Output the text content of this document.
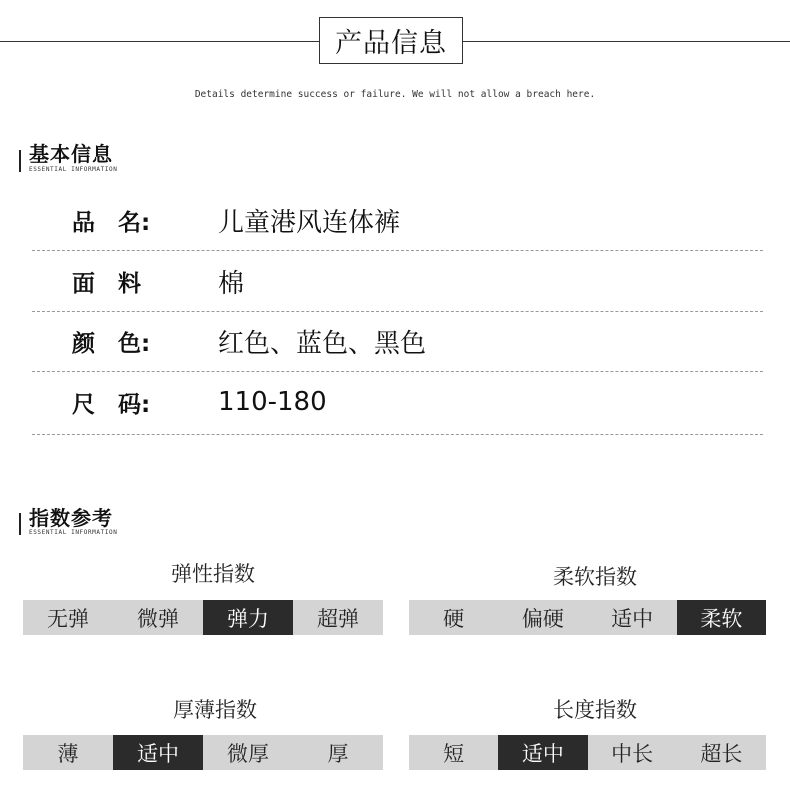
产品信息
Details determine success or failure. We will not allow a breach here.
基本信息
ESSENTIAL INFORMATION
品　名:	儿童港风连体裤
面　料	棉
颜　色:	红色、蓝色、黑色
尺　码:	110-180
指数参考
ESSENTIAL INFORMATION
弹性指数
无弹	微弹	弹力	超弹
柔软指数
硬	偏硬	适中	柔软
厚薄指数
薄	适中	微厚	厚
长度指数
短	适中	中长	超长
